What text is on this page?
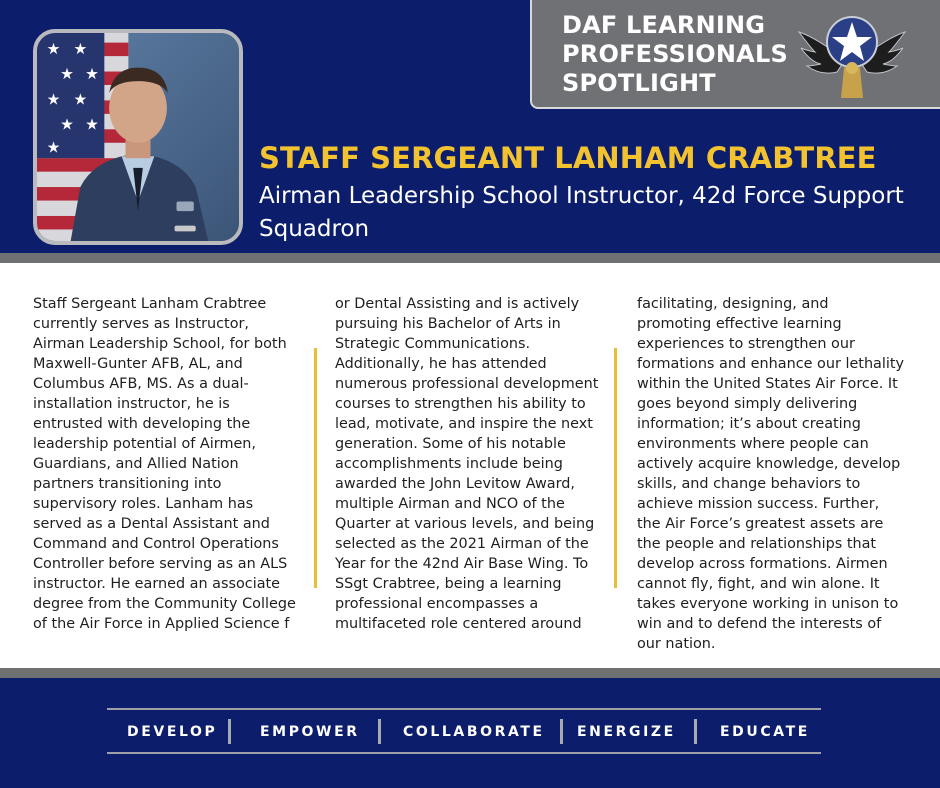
★ ★
★ ★
★ ★
★ ★
★
DAF LEARNING
PROFESSIONALS
SPOTLIGHT
STAFF SERGEANT LANHAM CRABTREE
Airman Leadership School Instructor, 42d Force Support
Squadron
Staff Sergeant Lanham Crabtree
currently serves as Instructor,
Airman Leadership School, for both
Maxwell-Gunter AFB, AL, and
Columbus AFB, MS. As a dual-
installation instructor, he is
entrusted with developing the
leadership potential of Airmen,
Guardians, and Allied Nation
partners transitioning into
supervisory roles. Lanham has
served as a Dental Assistant and
Command and Control Operations
Controller before serving as an ALS
instructor. He earned an associate
degree from the Community College
of the Air Force in Applied Science f
or Dental Assisting and is actively
pursuing his Bachelor of Arts in
Strategic Communications.
Additionally, he has attended
numerous professional development
courses to strengthen his ability to
lead, motivate, and inspire the next
generation. Some of his notable
accomplishments include being
awarded the John Levitow Award,
multiple Airman and NCO of the
Quarter at various levels, and being
selected as the 2021 Airman of the
Year for the 42nd Air Base Wing. To
SSgt Crabtree, being a learning
professional encompasses a
multifaceted role centered around
facilitating, designing, and
promoting effective learning
experiences to strengthen our
formations and enhance our lethality
within the United States Air Force. It
goes beyond simply delivering
information; it’s about creating
environments where people can
actively acquire knowledge, develop
skills, and change behaviors to
achieve mission success. Further,
the Air Force’s greatest assets are
the people and relationships that
develop across formations. Airmen
cannot fly, fight, and win alone. It
takes everyone working in unison to
win and to defend the interests of
our nation.
DEVELOP	EMPOWER	COLLABORATE ENERGIZE	EDUCATE
